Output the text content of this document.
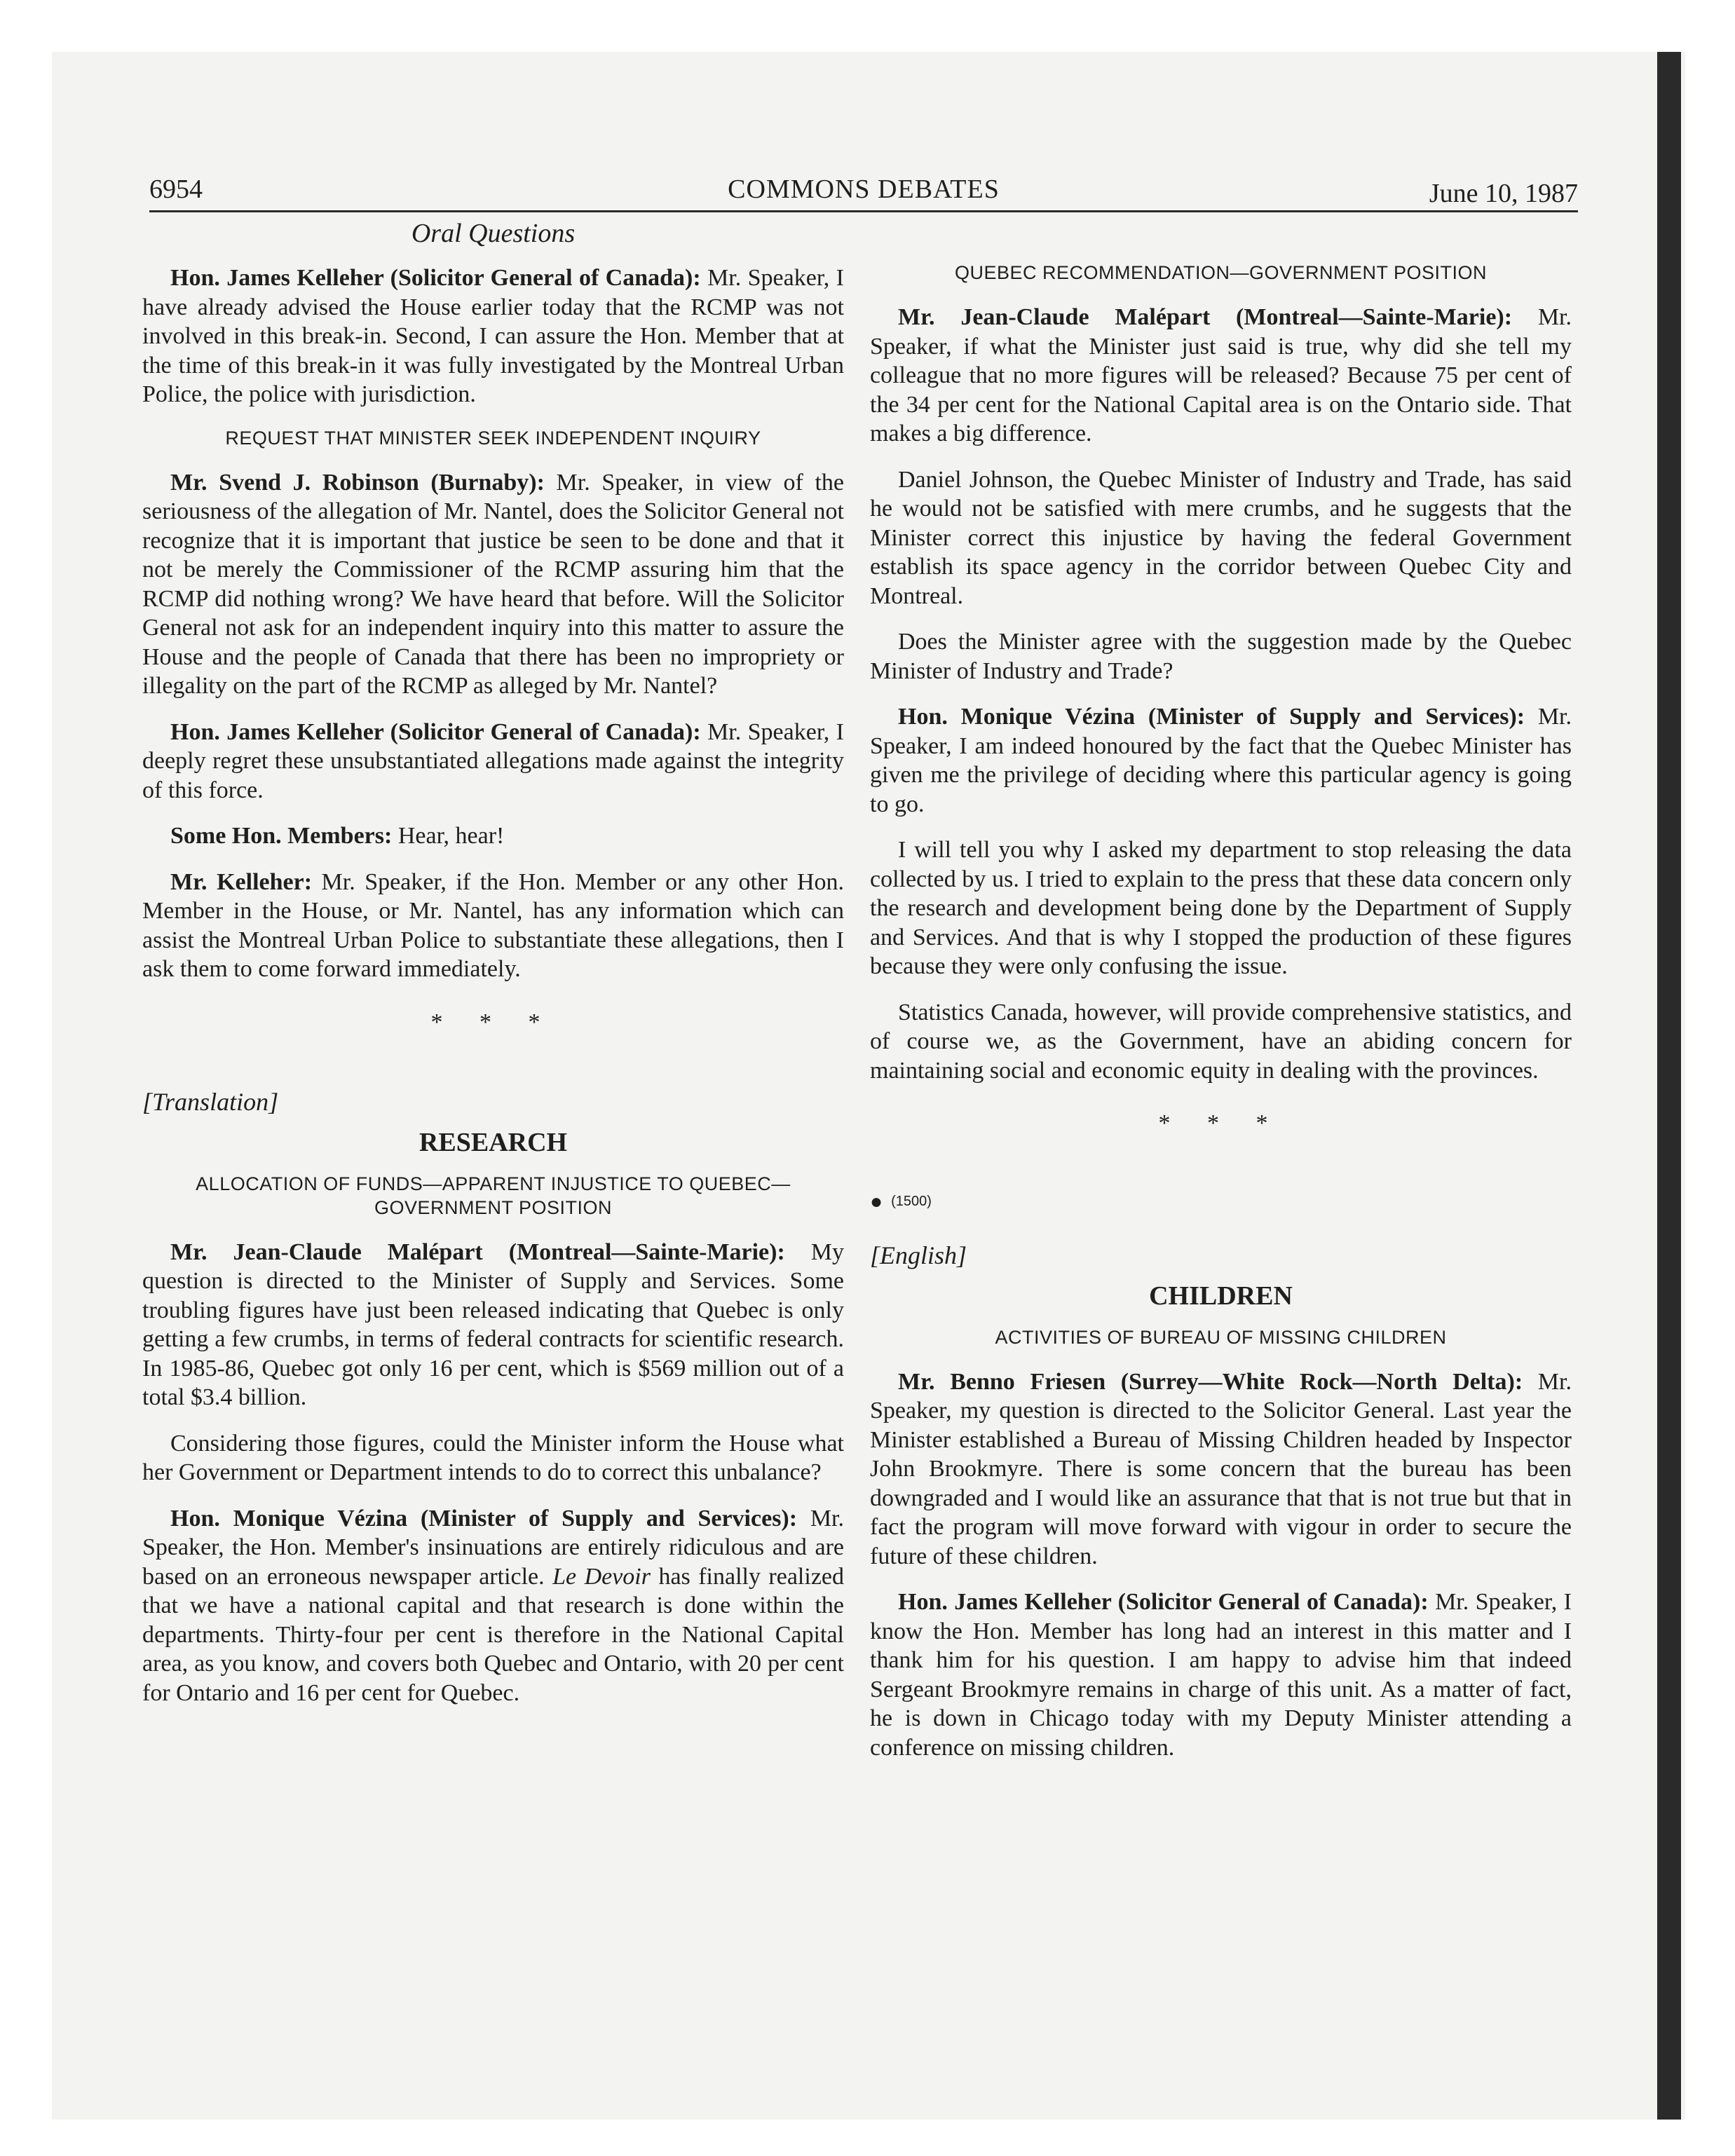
6954	COMMONS DEBATES	June 10, 1987
Oral Questions

Hon. James Kelleher (Solicitor General of Canada): Mr. Speaker, I have already advised the House earlier today that the RCMP was not involved in this break-in. Second, I can assure the Hon. Member that at the time of this break-in it was fully investigated by the Montreal Urban Police, the police with jurisdiction.

REQUEST THAT MINISTER SEEK INDEPENDENT INQUIRY

Mr. Svend J. Robinson (Burnaby): Mr. Speaker, in view of the seriousness of the allegation of Mr. Nantel, does the Solicitor General not recognize that it is important that justice be seen to be done and that it not be merely the Commissioner of the RCMP assuring him that the RCMP did nothing wrong? We have heard that before. Will the Solicitor General not ask for an independent inquiry into this matter to assure the House and the people of Canada that there has been no impropriety or illegality on the part of the RCMP as alleged by Mr. Nantel?

Hon. James Kelleher (Solicitor General of Canada): Mr. Speaker, I deeply regret these unsubstantiated allegations made against the integrity of this force.

Some Hon. Members: Hear, hear!

Mr. Kelleher: Mr. Speaker, if the Hon. Member or any other Hon. Member in the House, or Mr. Nantel, has any information which can assist the Montreal Urban Police to substantiate these allegations, then I ask them to come forward immediately.

* * *
[Translation]
RESEARCH
ALLOCATION OF FUNDS—APPARENT INJUSTICE TO QUEBEC—GOVERNMENT POSITION

Mr. Jean-Claude Malépart (Montreal—Sainte-Marie): My question is directed to the Minister of Supply and Services. Some troubling figures have just been released indicating that Quebec is only getting a few crumbs, in terms of federal contracts for scientific research. In 1985-86, Quebec got only 16 per cent, which is $569 million out of a total $3.4 billion.

Considering those figures, could the Minister inform the House what her Government or Department intends to do to correct this unbalance?

Hon. Monique Vézina (Minister of Supply and Services): Mr. Speaker, the Hon. Member's insinuations are entirely ridiculous and are based on an erroneous newspaper article. Le Devoir has finally realized that we have a national capital and that research is done within the departments. Thirty-four per cent is therefore in the National Capital area, as you know, and covers both Quebec and Ontario, with 20 per cent for Ontario and 16 per cent for Quebec.

QUEBEC RECOMMENDATION—GOVERNMENT POSITION

Mr. Jean-Claude Malépart (Montreal—Sainte-Marie): Mr. Speaker, if what the Minister just said is true, why did she tell my colleague that no more figures will be released? Because 75 per cent of the 34 per cent for the National Capital area is on the Ontario side. That makes a big difference.

Daniel Johnson, the Quebec Minister of Industry and Trade, has said he would not be satisfied with mere crumbs, and he suggests that the Minister correct this injustice by having the federal Government establish its space agency in the corridor between Quebec City and Montreal.

Does the Minister agree with the suggestion made by the Quebec Minister of Industry and Trade?

Hon. Monique Vézina (Minister of Supply and Services): Mr. Speaker, I am indeed honoured by the fact that the Quebec Minister has given me the privilege of deciding where this particular agency is going to go.

I will tell you why I asked my department to stop releasing the data collected by us. I tried to explain to the press that these data concern only the research and development being done by the Department of Supply and Services. And that is why I stopped the production of these figures because they were only confusing the issue.

Statistics Canada, however, will provide comprehensive statistics, and of course we, as the Government, have an abiding concern for maintaining social and economic equity in dealing with the provinces.

* * *
● (1500)
[English]
CHILDREN
ACTIVITIES OF BUREAU OF MISSING CHILDREN

Mr. Benno Friesen (Surrey—White Rock—North Delta): Mr. Speaker, my question is directed to the Solicitor General. Last year the Minister established a Bureau of Missing Children headed by Inspector John Brookmyre. There is some concern that the bureau has been downgraded and I would like an assurance that that is not true but that in fact the program will move forward with vigour in order to secure the future of these children.

Hon. James Kelleher (Solicitor General of Canada): Mr. Speaker, I know the Hon. Member has long had an interest in this matter and I thank him for his question. I am happy to advise him that indeed Sergeant Brookmyre remains in charge of this unit. As a matter of fact, he is down in Chicago today with my Deputy Minister attending a conference on missing children.
